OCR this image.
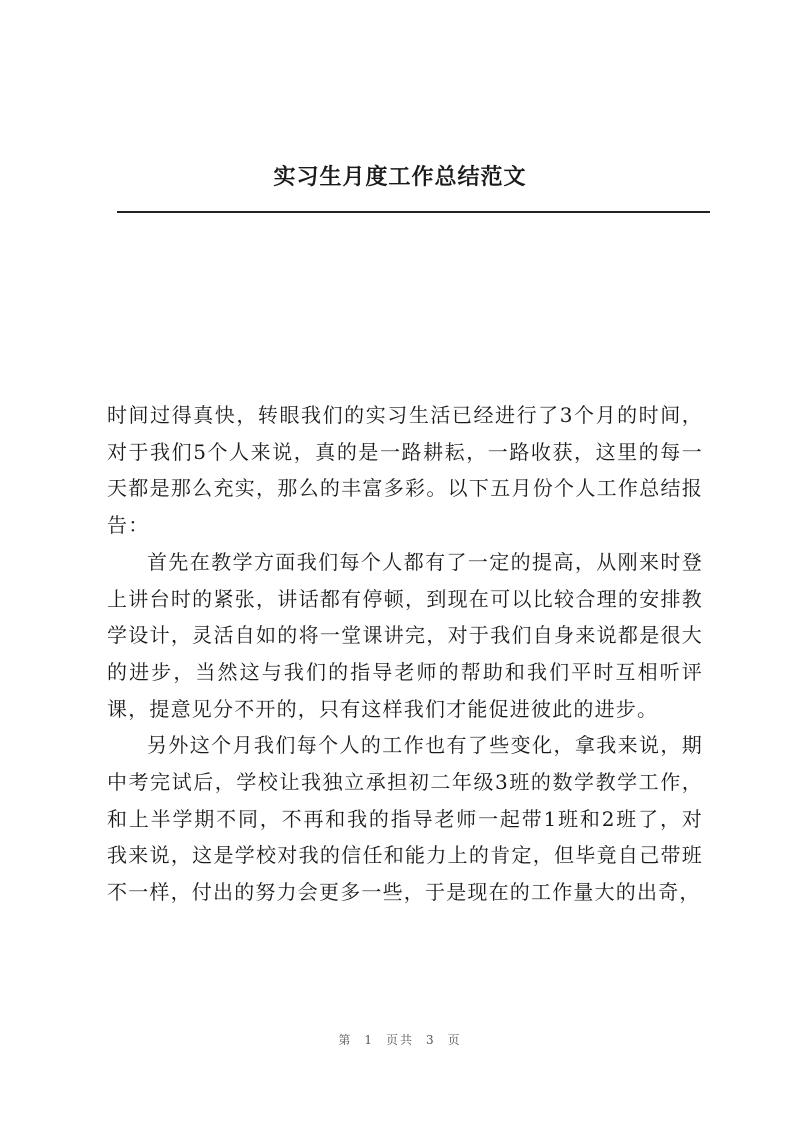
实习生月度工作总结范文

时间过得真快，转眼我们的实习生活已经进行了3个月的时间，对于我们5个人来说，真的是一路耕耘，一路收获，这里的每一天都是那么充实，那么的丰富多彩。以下五月份个人工作总结报告：

首先在教学方面我们每个人都有了一定的提高，从刚来时登上讲台时的紧张，讲话都有停顿，到现在可以比较合理的安排教学设计，灵活自如的将一堂课讲完，对于我们自身来说都是很大的进步，当然这与我们的指导老师的帮助和我们平时互相听评课，提意见分不开的，只有这样我们才能促进彼此的进步。

另外这个月我们每个人的工作也有了些变化，拿我来说，期中考完试后，学校让我独立承担初二年级3班的数学教学工作，和上半学期不同，不再和我的指导老师一起带1班和2班了，对我来说，这是学校对我的信任和能力上的肯定，但毕竟自己带班不一样，付出的努力会更多一些，于是现在的工作量大的出奇，

第 1 页共 3 页
